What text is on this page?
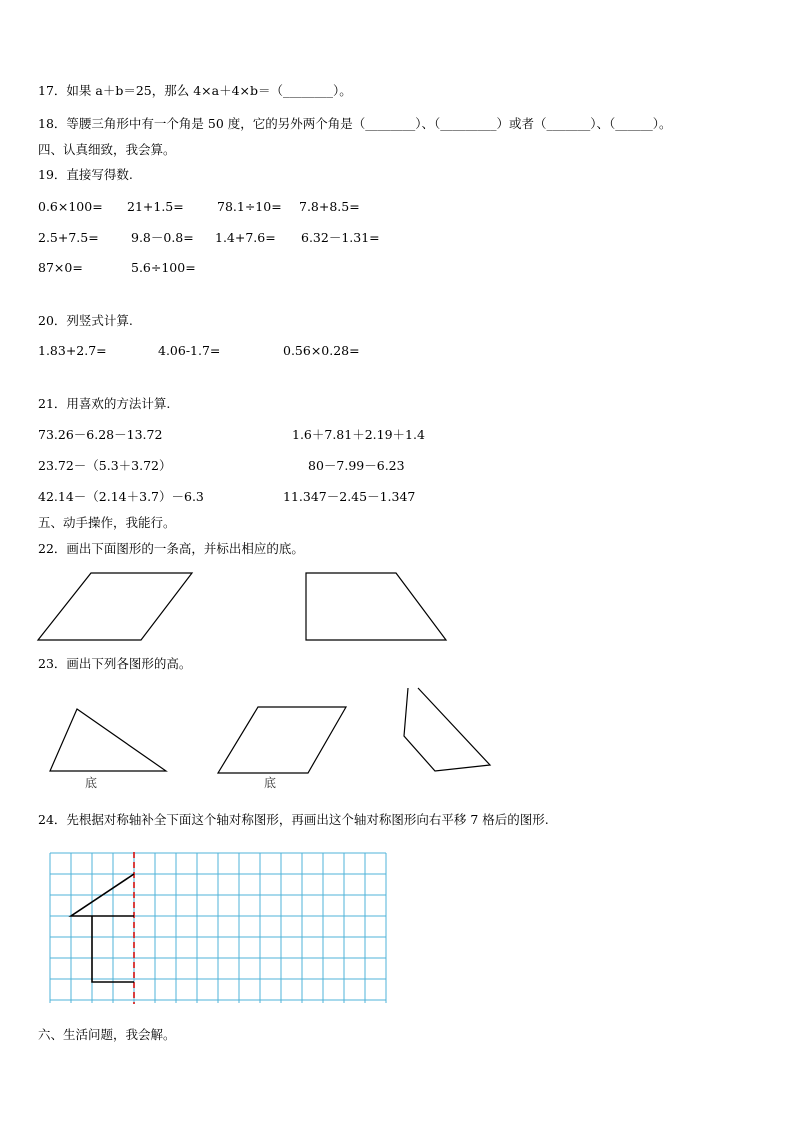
17．如果 a＋b＝25，那么 4×a＋4×b＝（________）。
18．等腰三角形中有一个角是 50 度，它的另外两个角是（________）、（_________）或者（_______）、（______）。
四、认真细致，我会算。
19．直接写得数.
0.6×100= 21+1.5=	78.1÷10= 7.8+8.5=
2.5+7.5=	9.8－0.8= 1.4+7.6= 6.32－1.31=
87×0=	5.6÷100=
20．列竖式计算.
1.83+2.7=	4.06-1.7=	0.56×0.28=
21．用喜欢的方法计算.
73.26－6.28－13.72	1.6＋7.81＋2.19＋1.4
23.72－（5.3＋3.72）	80－7.99－6.23
42.14－（2.14＋3.7）－6.3	11.347－2.45－1.347
五、动手操作，我能行。
22．画出下面图形的一条高，并标出相应的底。
23．画出下列各图形的高。
底	底
24．先根据对称轴补全下面这个轴对称图形，再画出这个轴对称图形向右平移 7 格后的图形.
六、生活问题，我会解。
